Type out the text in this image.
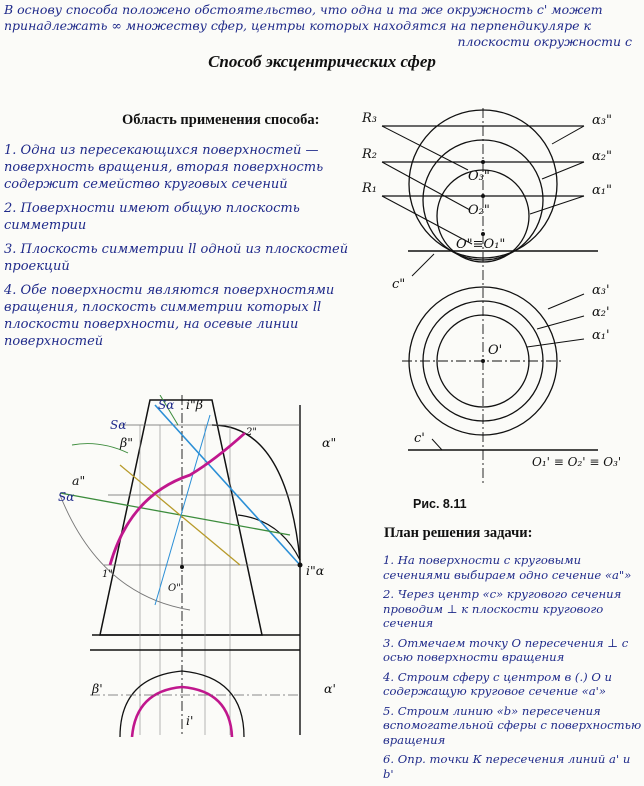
В основу способа положено обстоятельство, что одна и та же окружность с' может
принадлежать ∞ множеству сфер, центры которых находятся на перпендикуляре к
плоскости окружности с
Способ эксцентрических сфер
Область применения способа:

1. Одна из пересекающихся поверхностей — поверхность вращения, вторая поверхность содержит семейство круговых сечений

2. Поверхности имеют общую плоскость симметрии

3. Плоскость симметрии ll одной из плоскостей проекций

4. Обе поверхности являются поверхностями вращения, плоскость симметрии которых ll плоскости поверхности, на осевые линии поверхностей

R₃
R₂
R₁
α₃"
α₂"
α₁"
O₃"
O₂"
O"≡O₁"
c"	α₃'
α₂'
α₁'
O'
c'
O₁' ≡ O₂' ≡ O₃'
Рис. 8.11
Sα
Sα
Sα
i"β
i"α
β"	α"
a"
2"
1"
O"
i'
β'	α'
План решения задачи:

1. На поверхности с круговыми сечениями выбираем одно сечение «а"»

2. Через центр «с» кругового сечения проводим ⊥ к плоскости кругового сечения

3. Отмечаем точку О пересечения ⊥ с осью поверхности вращения

4. Строим сферу с центром в (.) О и содержащую круговое сечение «а'»

5. Строим линию «b» пересечения вспомогательной сферы с поверхностью вращения

6. Опр. точки К пересечения линий а' и b'
